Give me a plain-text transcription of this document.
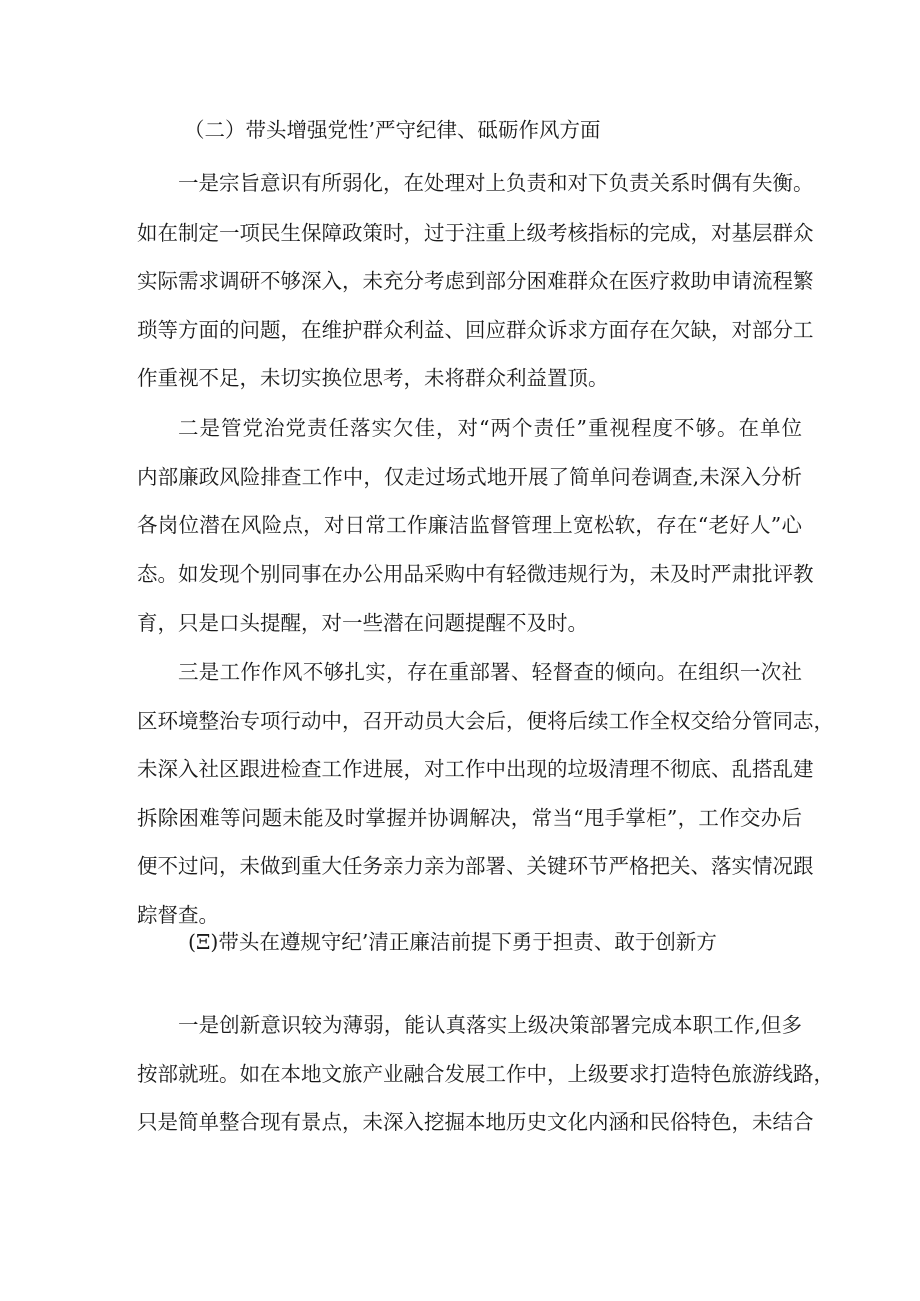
（二）带头增强党性’严守纪律、砥砺作风方面

一是宗旨意识有所弱化，在处理对上负责和对下负责关系时偶有失衡。

如在制定一项民生保障政策时，过于注重上级考核指标的完成，对基层群众

实际需求调研不够深入，未充分考虑到部分困难群众在医疗救助申请流程繁

琐等方面的问题，在维护群众利益、回应群众诉求方面存在欠缺，对部分工

作重视不足，未切实换位思考，未将群众利益置顶。

二是管党治党责任落实欠佳，对“两个责任”重视程度不够。在单位

内部廉政风险排查工作中，仅走过场式地开展了简单问卷调查,未深入分析

各岗位潜在风险点，对日常工作廉洁监督管理上宽松软，存在“老好人”心

态。如发现个别同事在办公用品采购中有轻微违规行为，未及时严肃批评教

育，只是口头提醒，对一些潜在问题提醒不及时。

三是工作作风不够扎实，存在重部署、轻督查的倾向。在组织一次社

区环境整治专项行动中，召开动员大会后，便将后续工作全权交给分管同志，

未深入社区跟进检查工作进展，对工作中出现的垃圾清理不彻底、乱搭乱建

拆除困难等问题未能及时掌握并协调解决，常当“甩手掌柜”，工作交办后

便不过问，未做到重大任务亲力亲为部署、关键环节严格把关、落实情况跟

踪督查。

(Ξ)带头在遵规守纪’清正廉洁前提下勇于担责、敢于创新方

一是创新意识较为薄弱，能认真落实上级决策部署完成本职工作,但多

按部就班。如在本地文旅产业融合发展工作中，上级要求打造特色旅游线路，

只是简单整合现有景点，未深入挖掘本地历史文化内涵和民俗特色，未结合
